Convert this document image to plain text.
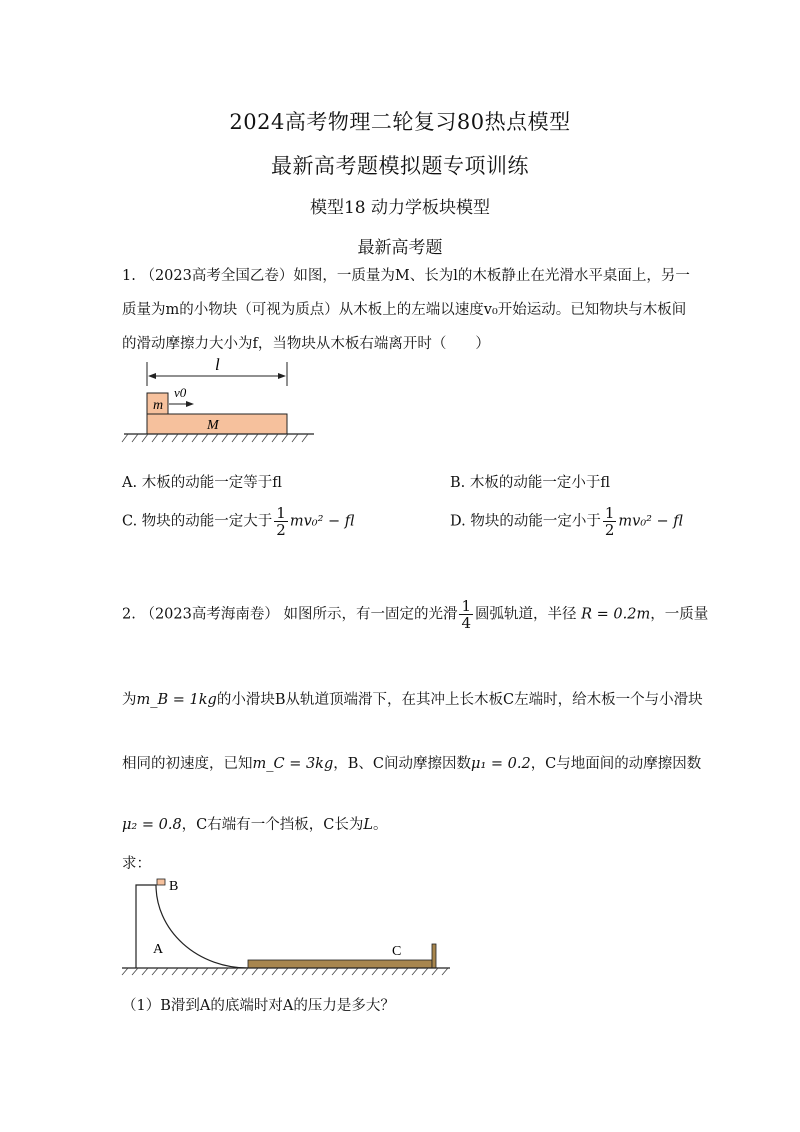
2024高考物理二轮复习80热点模型
最新高考题模拟题专项训练
模型18 动力学板块模型
最新高考题
1. （2023高考全国乙卷）如图，一质量为M、长为l的木板静止在光滑水平桌面上，另一
质量为m的小物块（可视为质点）从木板上的左端以速度v₀开始运动。已知物块与木板间
的滑动摩擦力大小为f，当物块从木板右端离开时（　　）
l
v0
m
M
A. 木板的动能一定等于fl	B. 木板的动能一定小于fl
C. 物块的动能一定大于 $\frac{1}{2} mv_0^2$ − fl	D. 物块的动能一定小于 $\frac{1}{2} mv_0^2$ − fl
2. （2023高考海南卷） 如图所示，有一固定的光滑 $\frac{1}{4}$ 圆弧轨道，半径 R = 0.2m，一质量
为m_B = 1kg的小滑块B从轨道顶端滑下，在其冲上长木板C左端时，给木板一个与小滑块
相同的初速度，已知m_C = 3kg，B、C间动摩擦因数μ₁ = 0.2，C与地面间的动摩擦因数
μ₂ = 0.8，C右端有一个挡板，C长为L。
求：
B
A	C
（1）B滑到A的底端时对A的压力是多大？
